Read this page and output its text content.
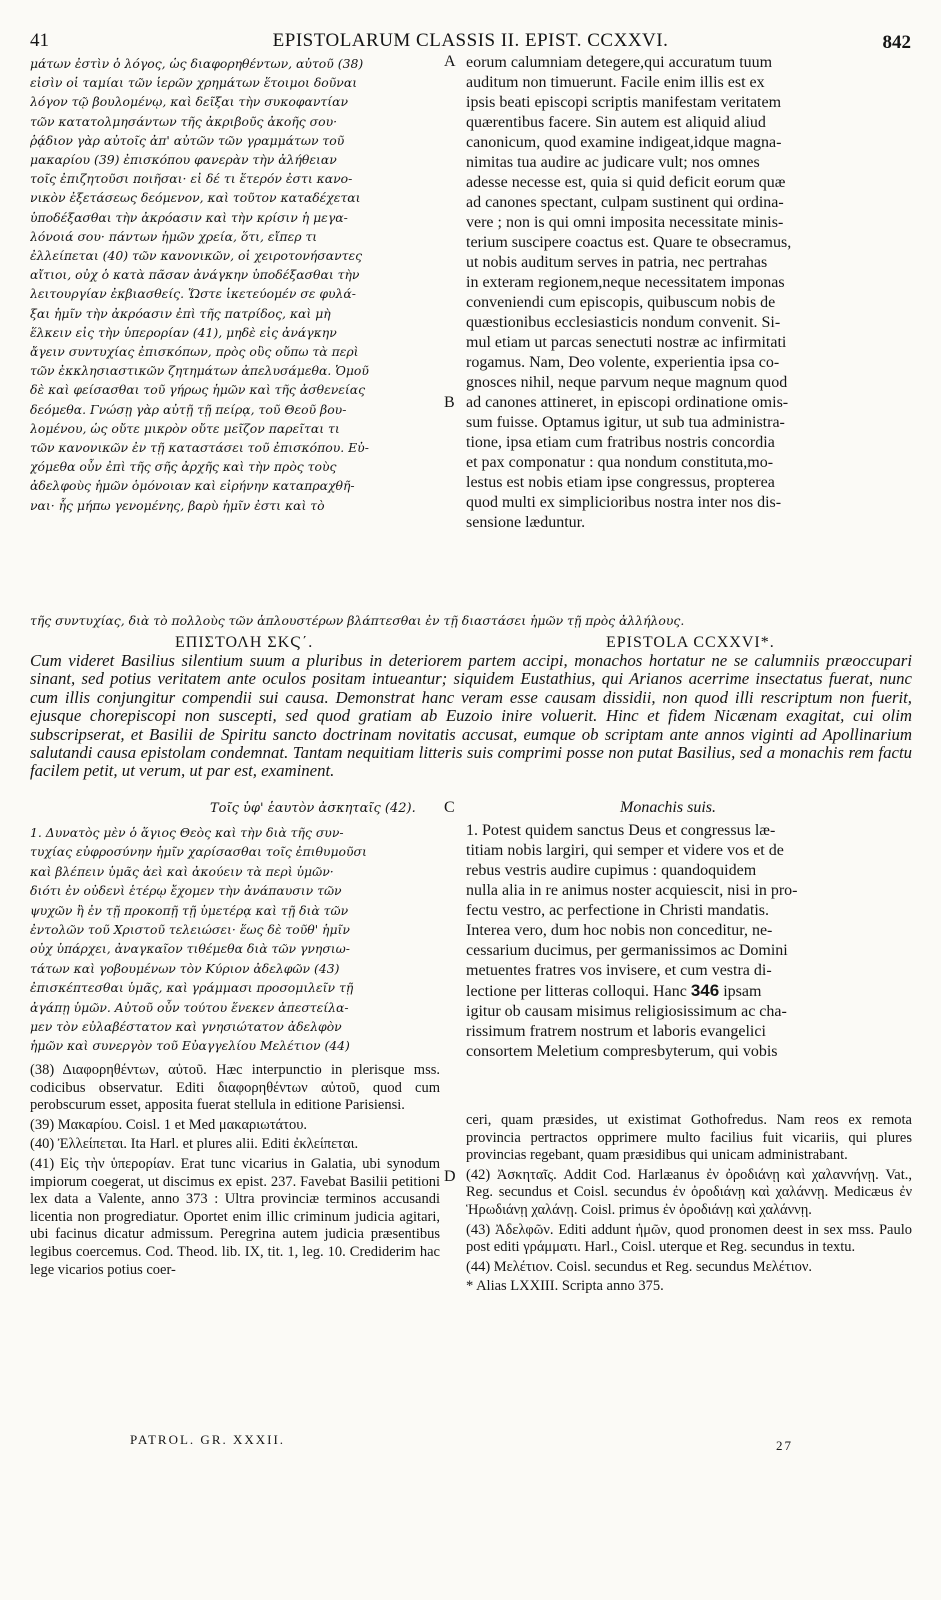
41	EPISTOLARUM CLASSIS II. EPIST. CCXXVI.	842
μάτων ἐστὶν ὁ λόγος, ὡς διαφορηθέντων, αὐτοῦ (38)
εἰσὶν οἱ ταμίαι τῶν ἱερῶν χρημάτων ἕτοιμοι δοῦναι
λόγον τῷ βουλομένῳ, καὶ δεῖξαι τὴν συκοφαντίαν
τῶν κατατολμησάντων τῆς ἀκριβοῦς ἀκοῆς σου·
ῥᾴδιον γὰρ αὐτοῖς ἀπ' αὐτῶν τῶν γραμμάτων τοῦ
μακαρίου (39) ἐπισκόπου φανερὰν τὴν ἀλήθειαν
τοῖς ἐπιζητοῦσι ποιῆσαι· εἰ δέ τι ἕτερόν ἐστι κανο-
νικὸν ἐξετάσεως δεόμενον, καὶ τοῦτον καταδέχεται
ὑποδέξασθαι τὴν ἀκρόασιν καὶ τὴν κρίσιν ἡ μεγα-
λόνοιά σου· πάντων ἡμῶν χρεία, ὅτι, εἴπερ τι
ἐλλείπεται (40) τῶν κανονικῶν, οἱ χειροτονήσαντες
αἴτιοι, οὐχ ὁ κατὰ πᾶσαν ἀνάγκην ὑποδέξασθαι τὴν
λειτουργίαν ἐκβιασθείς. Ὥστε ἱκετεύομέν σε φυλά-
ξαι ἡμῖν τὴν ἀκρόασιν ἐπὶ τῆς πατρίδος, καὶ μὴ
ἕλκειν εἰς τὴν ὑπερορίαν (41), μηδὲ εἰς ἀνάγκην
ἄγειν συντυχίας ἐπισκόπων, πρὸς οὓς οὔπω τὰ περὶ
τῶν ἐκκλησιαστικῶν ζητημάτων ἀπελυσάμεθα. Ὁμοῦ
δὲ καὶ φείσασθαι τοῦ γήρως ἡμῶν καὶ τῆς ἀσθενείας
δεόμεθα. Γνώσῃ γὰρ αὐτῇ τῇ πείρᾳ, τοῦ Θεοῦ βου-
λομένου, ὡς οὔτε μικρὸν οὔτε μεῖζον παρεῖται τι
τῶν κανονικῶν ἐν τῇ καταστάσει τοῦ ἐπισκόπου. Εὐ-
χόμεθα οὖν ἐπὶ τῆς σῆς ἀρχῆς καὶ τὴν πρὸς τοὺς
ἀδελφοὺς ἡμῶν ὁμόνοιαν καὶ εἰρήνην καταπραχθῆ-
ναι· ἧς μήπω γενομένης, βαρὺ ἡμῖν ἐστι καὶ τὸ
A
B
eorum calumniam detegere,qui accuratum tuum
auditum non timuerunt. Facile enim illis est ex
ipsis beati episcopi scriptis manifestam veritatem
quærentibus facere. Sin autem est aliquid aliud
canonicum, quod examine indigeat,idque magna-
nimitas tua audire ac judicare vult; nos omnes
adesse necesse est, quia si quid deficit eorum quæ
ad canones spectant, culpam sustinent qui ordina-
vere ; non is qui omni imposita necessitate minis-
terium suscipere coactus est. Quare te obsecramus,
ut nobis auditum serves in patria, nec pertrahas
in exteram regionem,neque necessitatem imponas
conveniendi cum episcopis, quibuscum nobis de
quæstionibus ecclesiasticis nondum convenit. Si-
mul etiam ut parcas senectuti nostræ ac infirmitati
rogamus. Nam, Deo volente, experientia ipsa co-
gnosces nihil, neque parvum neque magnum quod
ad canones attineret, in episcopi ordinatione omis-
sum fuisse. Optamus igitur, ut sub tua administra-
tione, ipsa etiam cum fratribus nostris concordia
et pax componatur : qua nondum constituta,mo-
lestus est nobis etiam ipse congressus, propterea
quod multi ex simplicioribus nostra inter nos dis-
sensione læduntur.
τῆς συντυχίας, διὰ τὸ πολλοὺς τῶν ἁπλουστέρων βλάπτεσθαι ἐν τῇ διαστάσει ἡμῶν τῇ πρὸς ἀλλήλους.
ΕΠΙΣΤΟΛΗ ΣΚϚ΄.	EPISTOLA CCXXVI*.
Cum videret Basilius silentium suum a pluribus in deteriorem partem accipi, monachos hortatur ne se calumniis præoccupari sinant, sed potius veritatem ante oculos positam intueantur; siquidem Eustathius, qui Arianos acerrime insectatus fuerat, nunc cum illis conjungitur compendii sui causa. Demonstrat hanc veram esse causam dissidii, non quod illi rescriptum non fuerit, ejusque chorepiscopi non suscepti, sed quod gratiam ab Euzoio inire voluerit. Hinc et fidem Nicænam exagitat, cui olim subscripserat, et Basilii de Spiritu sancto doctrinam novitatis accusat, eumque ob scriptam ante annos viginti ad Apollinarium salutandi causa epistolam condemnat. Tantam nequitiam litteris suis comprimi posse non putat Basilius, sed a monachis rem factu facilem petit, ut verum, ut par est, examinent.
Τοῖς ὑφ' ἑαυτὸν ἀσκηταῖς (42). C	Monachis suis.
1. Δυνατὸς μὲν ὁ ἅγιος Θεὸς καὶ τὴν διὰ τῆς συν-
τυχίας εὐφροσύνην ἡμῖν χαρίσασθαι τοῖς ἐπιθυμοῦσι
καὶ βλέπειν ὑμᾶς ἀεὶ καὶ ἀκούειν τὰ περὶ ὑμῶν·
διότι ἐν οὐδενὶ ἑτέρῳ ἔχομεν τὴν ἀνάπαυσιν τῶν
ψυχῶν ἢ ἐν τῇ προκοπῇ τῇ ὑμετέρᾳ καὶ τῇ διὰ τῶν
ἐντολῶν τοῦ Χριστοῦ τελειώσει· ἕως δὲ τοῦθ' ἡμῖν
οὐχ ὑπάρχει, ἀναγκαῖον τιθέμεθα διὰ τῶν γνησιω-
τάτων καὶ γοβουμένων τὸν Κύριον ἀδελφῶν (43)
ἐπισκέπτεσθαι ὑμᾶς, καὶ γράμμασι προσομιλεῖν τῇ
ἀγάπῃ ὑμῶν. Αὐτοῦ οὖν τούτου ἕνεκεν ἀπεστείλα-
μεν τὸν εὐλαβέστατον καὶ γνησιώτατον ἀδελφὸν
ἡμῶν καὶ συνεργὸν τοῦ Εὐαγγελίου Μελέτιον (44)
1. Potest quidem sanctus Deus et congressus læ-
titiam nobis largiri, qui semper et videre vos et de
rebus vestris audire cupimus : quandoquidem
nulla alia in re animus noster acquiescit, nisi in pro-
fectu vestro, ac perfectione in Christi mandatis.
Interea vero, dum hoc nobis non conceditur, ne-
cessarium ducimus, per germanissimos ac Domini
metuentes fratres vos invisere, et cum vestra di-
lectione per litteras colloqui. Hanc 346 ipsam
igitur ob causam misimus religiosissimum ac cha-
rissimum fratrem nostrum et laboris evangelici
consortem Meletium compresbyterum, qui vobis
D

(38) Διαφορηθέντων, αὐτοῦ. Hæc interpunctio in plerisque mss. codicibus observatur. Editi διαφορηθέντων αὐτοῦ, quod cum perobscurum esset, apposita fuerat stellula in editione Parisiensi.

(39) Μακαρίου. Coisl. 1 et Med μακαριωτάτου.

(40) Ἐλλείπεται. Ita Harl. et plures alii. Editi ἐκλείπεται.

(41) Εἰς τὴν ὑπερορίαν. Erat tunc vicarius in Galatia, ubi synodum impiorum coegerat, ut discimus ex epist. 237. Favebat Basilii petitioni lex data a Valente, anno 373 : Ultra provinciæ terminos accusandi licentia non progrediatur. Oportet enim illic criminum judicia agitari, ubi facinus dicatur admissum. Peregrina autem judicia præsentibus legibus coercemus. Cod. Theod. lib. IX, tit. 1, leg. 10. Crediderim hac lege vicarios potius coer-

ceri, quam præsides, ut existimat Gothofredus. Nam reos ex remota provincia pertractos opprimere multo facilius fuit vicariis, qui plures provincias regebant, quam præsidibus qui unicam administrabant.

(42) Ἀσκηταῖς. Addit Cod. Harlæanus ἐν ὀροδιάνῃ καὶ χαλαννήνῃ. Vat., Reg. secundus et Coisl. secundus ἐν ὀροδιάνῃ καὶ χαλάννῃ. Medicæus ἐν Ἡρωδιάνῃ χαλάνῃ. Coisl. primus ἐν ὀροδιάνῃ καὶ χαλάννῃ.

(43) Ἀδελφῶν. Editi addunt ἡμῶν, quod pronomen deest in sex mss. Paulo post editi γράμματι. Harl., Coisl. uterque et Reg. secundus in textu.

(44) Μελέτιον. Coisl. secundus et Reg. secundus Μελέτιον.

* Alias LXXIII. Scripta anno 375.

PATROL. GR. XXXII.	27
